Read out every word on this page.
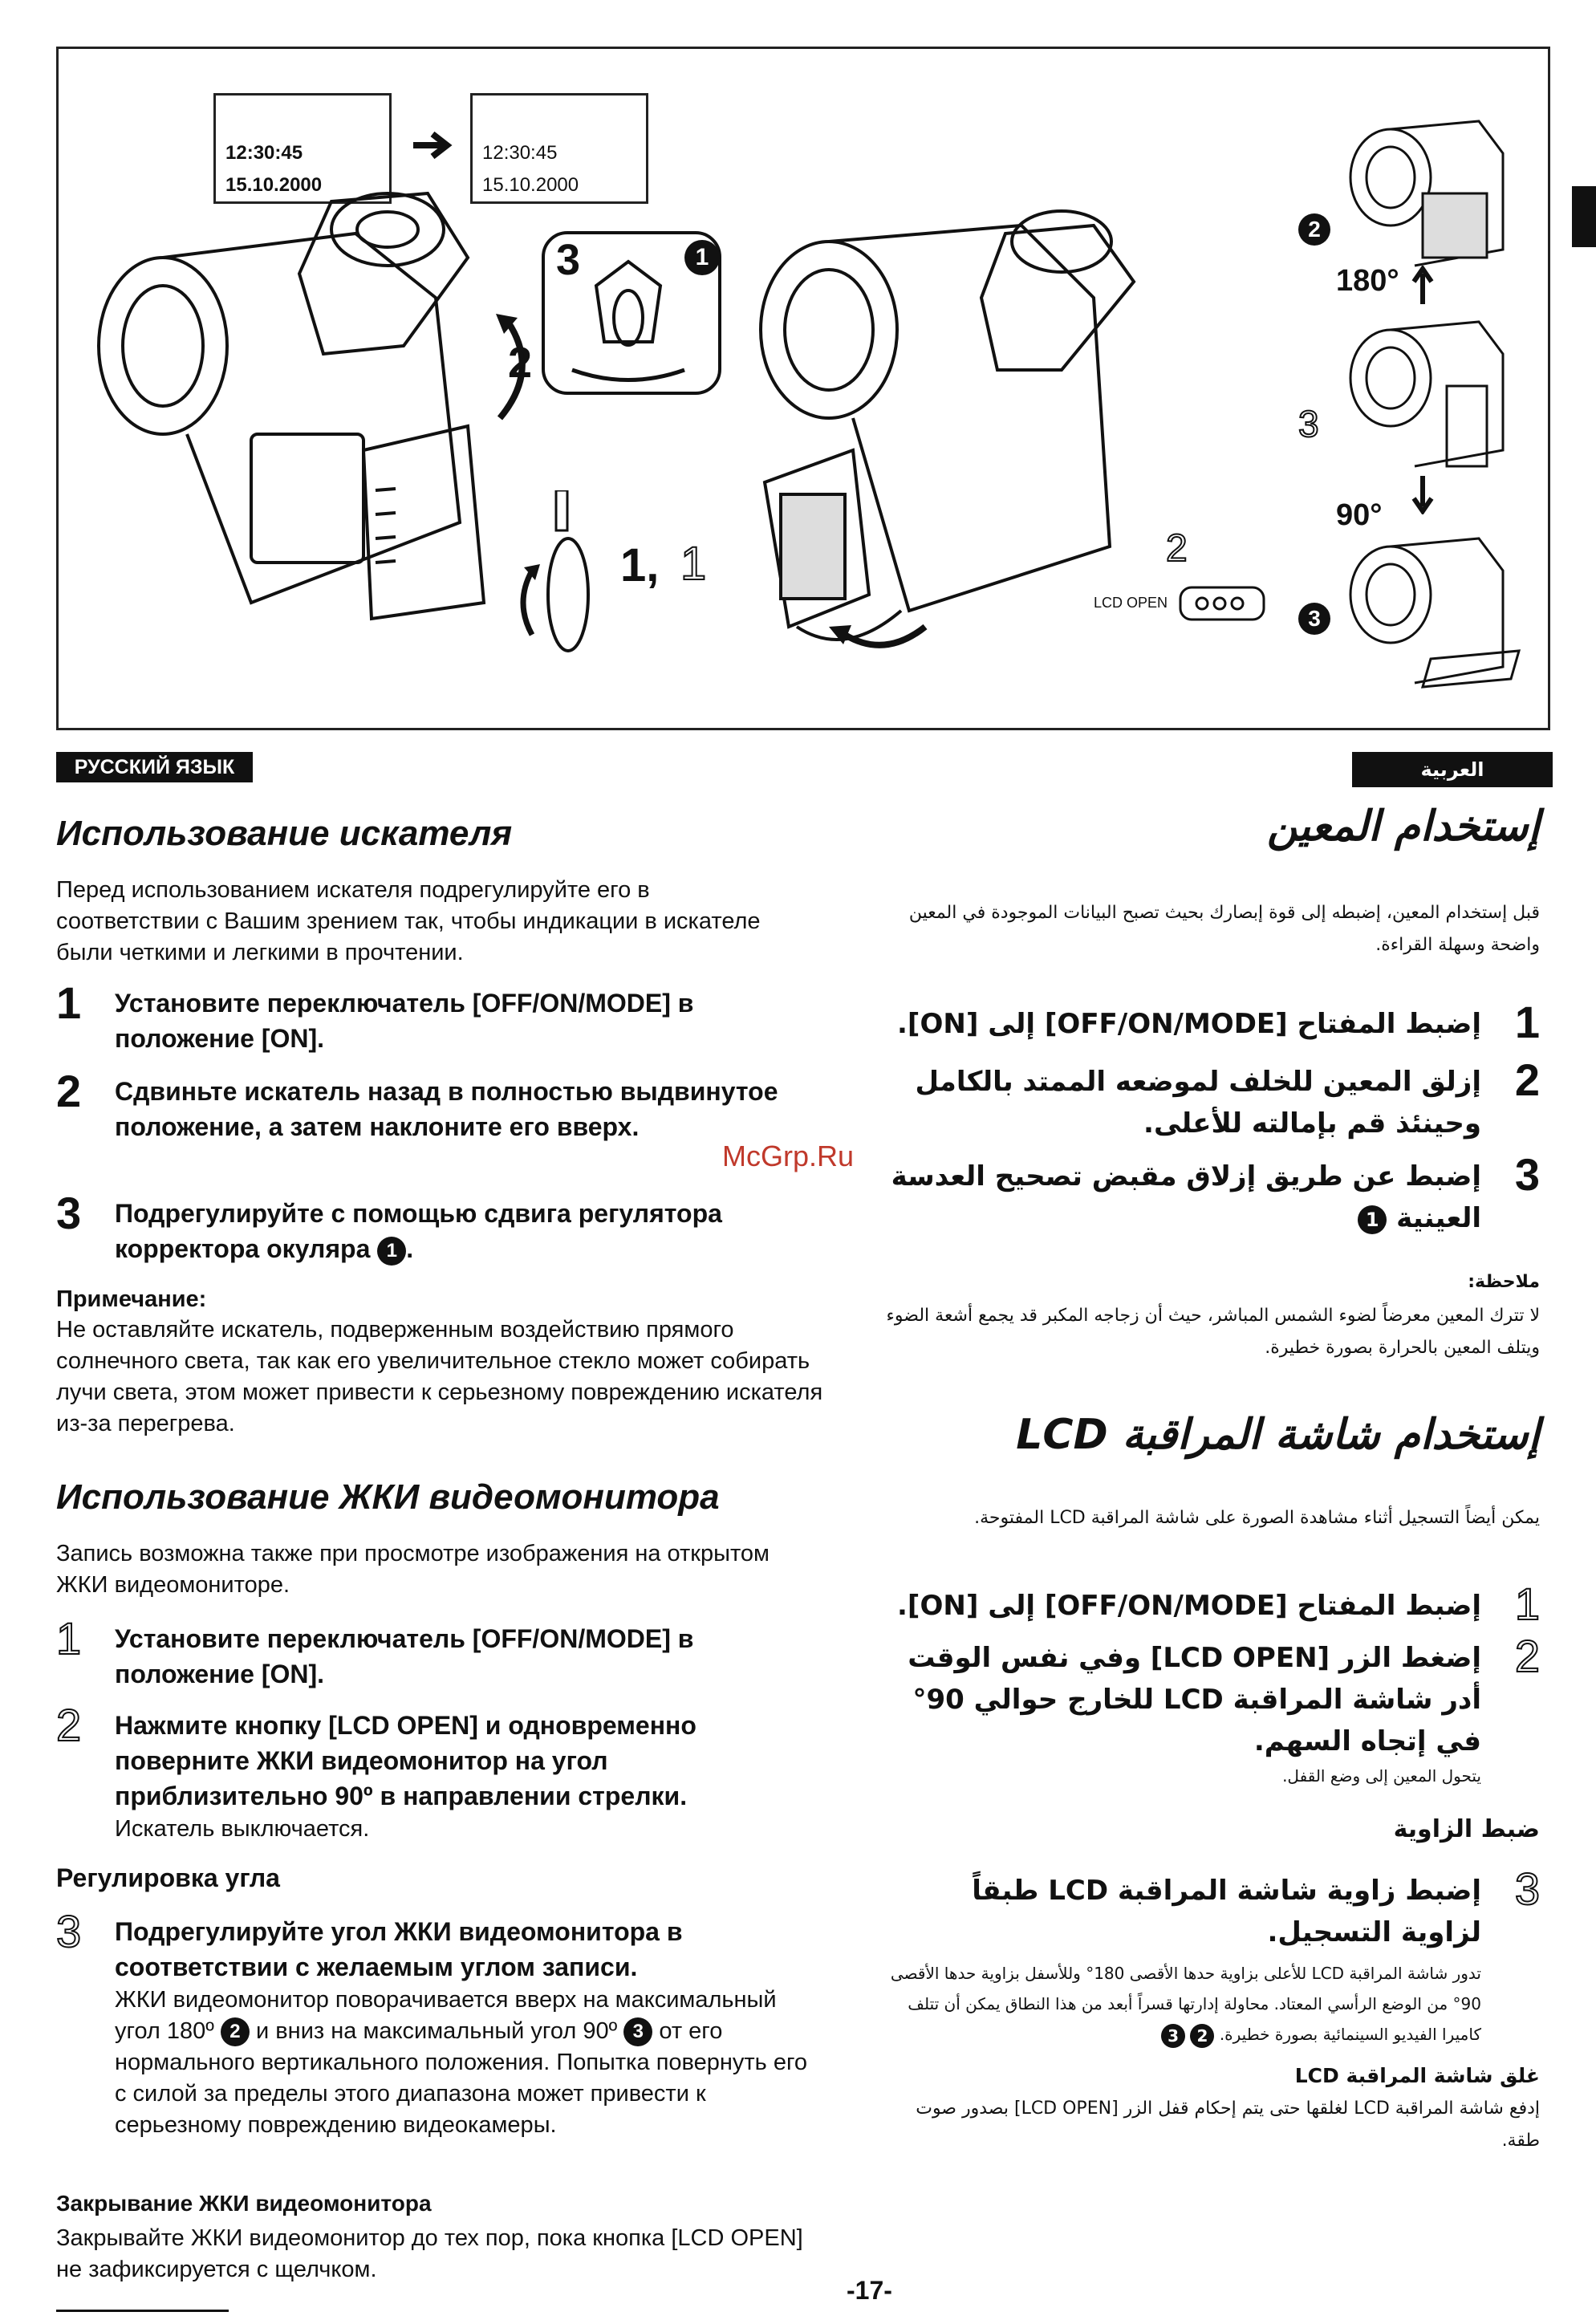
12:30:45
15.10.2000
12:30:45
15.10.2000
2
3	1
1, 1	2
LCD OPEN
2
180°
3
90°
3
РУССКИЙ ЯЗЫК	العربية
Использование искателя

Перед использованием искателя подрегулируйте его в соответствии с Вашим зрением так, чтобы индикации в искателе были четкими и легкими в прочтении.

1 Установите переключатель [OFF/ON/MODE] в положение [ON].
2 Сдвиньте искатель назад в полностью выдвинутое положение, а затем наклоните его вверх.
3 Подрегулируйте с помощью сдвига регулятора корректора окуляра 1 .
Примечание:

Не оставляйте искатель, подверженным воздействию прямого солнечного света, так как его увеличительное стекло может собирать лучи света, этом может привести к серьезному повреждению искателя из-за перегрева.

Использование ЖКИ видеомонитора

Запись возможна также при просмотре изображения на открытом ЖКИ видеомониторе.

1 Установите переключатель [OFF/ON/MODE] в положение [ON].
2 Нажмите кнопку [LCD OPEN] и одновременно поверните ЖКИ видеомонитор на угол приблизительно 90º в направлении стрелки.
Искатель выключается.
Регулировка угла
3 Подрегулируйте угол ЖКИ видеомонитора в соответствии с желаемым углом записи.
ЖКИ видеомонитор поворачивается вверх на максимальный угол 180º 2 и вниз на максимальный угол 90º 3 от его нормального вертикального положения. Попытка повернуть его с силой за пределы этого диапазона может привести к серьезному повреждению видеокамеры.
Закрывание ЖКИ видеомонитора

Закрывайте ЖКИ видеомонитор до тех пор, пока кнопка [LCD OPEN] не зафиксируется с щелчком.

McGrp.Ru
إستخدام المعين

قبل إستخدام المعين، إضبطه إلى قوة إبصارك بحيث تصبح البيانات الموجودة في المعين واضحة وسهلة القراءة.

1
إضبط المفتاح [OFF/ON/MODE] إلى [ON].
2
إزلق المعين للخلف لموضعه الممتد بالكامل وحينئذ قم بإمالته للأعلى.
3
إضبط عن طريق إزلاق مقبض تصحيح العدسة العينية 1
ملاحظة:

لا تترك المعين معرضاً لضوء الشمس المباشر، حيث أن زجاجه المكبر قد يجمع أشعة الضوء ويتلف المعين بالحرارة بصورة خطيرة.

إستخدام شاشة المراقبة LCD

يمكن أيضاً التسجيل أثناء مشاهدة الصورة على شاشة المراقبة LCD المفتوحة.

1
إضبط المفتاح [OFF/ON/MODE] إلى [ON].
2
إضغط الزر [LCD OPEN] وفي نفس الوقت أدر شاشة المراقبة LCD للخارج حوالي 90° في إتجاه السهم.
يتحول المعين إلى وضع القفل.
ضبط الزاوية
3
إضبط زاوية شاشة المراقبة LCD طبقاً لزاوية التسجيل.
تدور شاشة المراقبة LCD للأعلى بزاوية حدها الأقصى 180° وللأسفل بزاوية حدها الأقصى 90° من الوضع الرأسي المعتاد. محاولة إدارتها قسراً أبعد من هذا النطاق يمكن أن تتلف كاميرا الفيديو السينمائية بصورة خطيرة. 2 3
غلق شاشة المراقبة LCD

إدفع شاشة المراقبة LCD لغلقها حتى يتم إحكام قفل الزر [LCD OPEN] بصدور صوت طقة.

-17-
